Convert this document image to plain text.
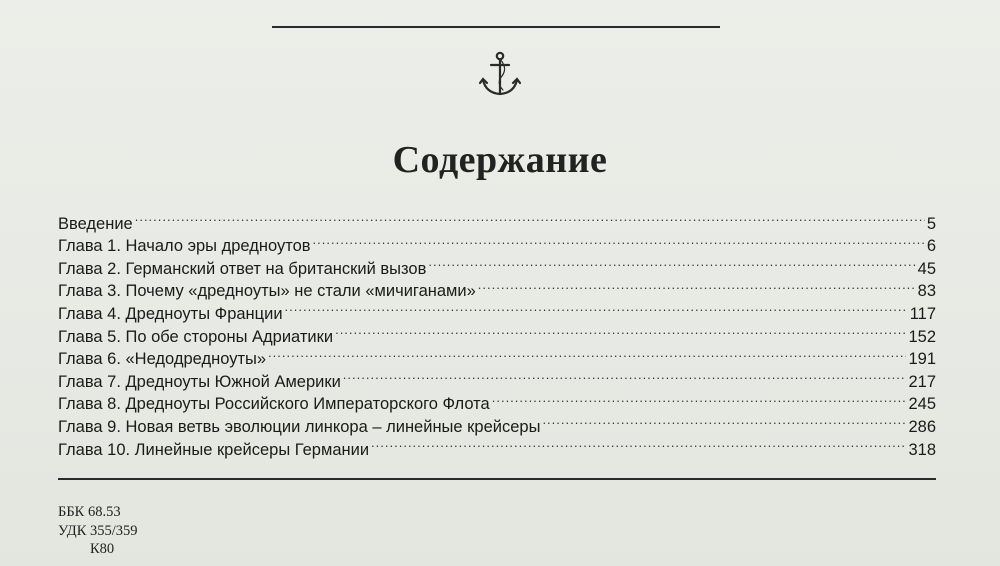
Содержание
Введение .....	5
Глава 1. Начало эры дредноутов .....	6
Глава 2. Германский ответ на британский вызов .....	45
Глава 3. Почему «дредноуты» не стали «мичиганами» .....	83
Глава 4. Дредноуты Франции .....	117
Глава 5. По обе стороны Адриатики .....	152
Глава 6. «Недодредноуты» .....	191
Глава 7. Дредноуты Южной Америки .....	217
Глава 8. Дредноуты Российского Императорского Флота .....	245
Глава 9. Новая ветвь эволюции линкора – линейные крейсеры .....	286
Глава 10. Линейные крейсеры Германии .....	318
ББК 68.53
УДК 355/359
К80
